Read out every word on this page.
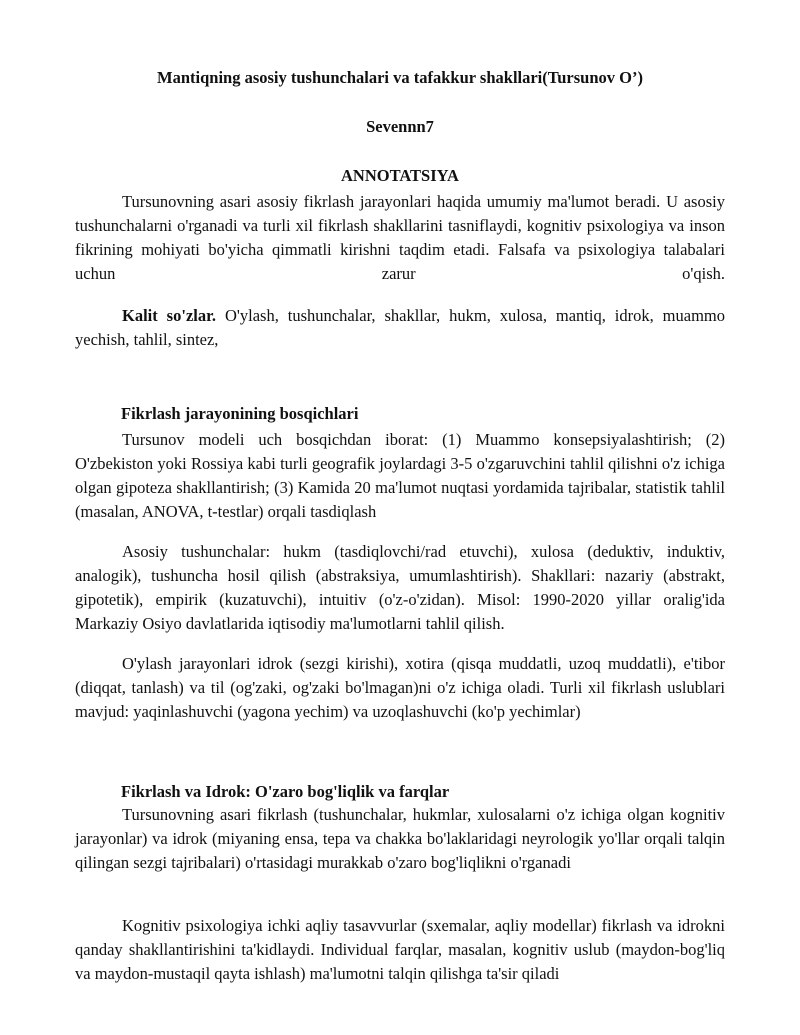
Mantiqning asosiy tushunchalari va tafakkur shakllari(Tursunov O’)
Sevennn7
ANNOTATSIYA

Tursunovning asari asosiy fikrlash jarayonlari haqida umumiy ma'lumot beradi. U asosiy tushunchalarni o'rganadi va turli xil fikrlash shakllarini tasniflaydi, kognitiv psixologiya va inson fikrining mohiyati bo'yicha qimmatli kirishni taqdim etadi. Falsafa va psixologiya talabalari uchun zarur o'qish.

Kalit so'zlar. O'ylash, tushunchalar, shakllar, hukm, xulosa, mantiq, idrok, muammo yechish, tahlil, sintez,

Fikrlash jarayonining bosqichlari

Tursunov modeli uch bosqichdan iborat: (1) Muammo konsepsiyalashtirish; (2) O'zbekiston yoki Rossiya kabi turli geografik joylardagi 3-5 o'zgaruvchini tahlil qilishni o'z ichiga olgan gipoteza shakllantirish; (3) Kamida 20 ma'lumot nuqtasi yordamida tajribalar, statistik tahlil (masalan, ANOVA, t-testlar) orqali tasdiqlash

Asosiy tushunchalar: hukm (tasdiqlovchi/rad etuvchi), xulosa (deduktiv, induktiv, analogik), tushuncha hosil qilish (abstraksiya, umumlashtirish). Shakllari: nazariy (abstrakt, gipotetik), empirik (kuzatuvchi), intuitiv (o'z-o'zidan). Misol: 1990-2020 yillar oralig'ida Markaziy Osiyo davlatlarida iqtisodiy ma'lumotlarni tahlil qilish.

O'ylash jarayonlari idrok (sezgi kirishi), xotira (qisqa muddatli, uzoq muddatli), e'tibor (diqqat, tanlash) va til (og'zaki, og'zaki bo'lmagan)ni o'z ichiga oladi. Turli xil fikrlash uslublari mavjud: yaqinlashuvchi (yagona yechim) va uzoqlashuvchi (ko'p yechimlar)

Fikrlash va Idrok: O'zaro bog'liqlik va farqlar

Tursunovning asari fikrlash (tushunchalar, hukmlar, xulosalarni o'z ichiga olgan kognitiv jarayonlar) va idrok (miyaning ensa, tepa va chakka bo'laklaridagi neyrologik yo'llar orqali talqin qilingan sezgi tajribalari) o'rtasidagi murakkab o'zaro bog'liqlikni o'rganadi

Kognitiv psixologiya ichki aqliy tasavvurlar (sxemalar, aqliy modellar) fikrlash va idrokni qanday shakllantirishini ta'kidlaydi. Individual farqlar, masalan, kognitiv uslub (maydon-bog'liq va maydon-mustaqil qayta ishlash) ma'lumotni talqin qilishga ta'sir qiladi
